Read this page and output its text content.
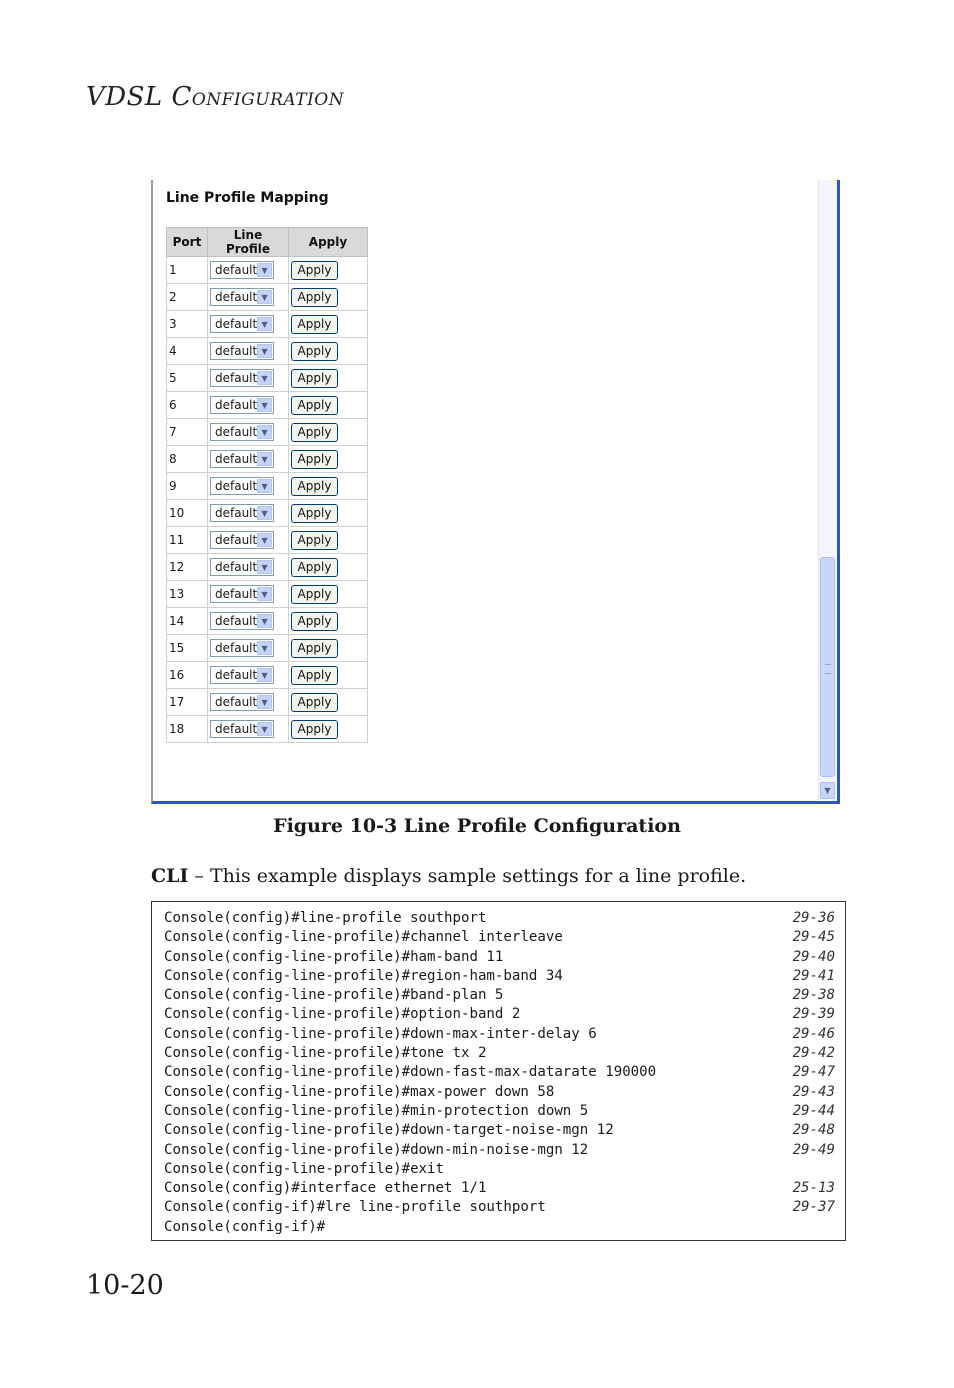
VDSL CONFIGURATION
Line Profile Mapping
Port	Line Profile	Apply
1	default ▼	Apply
2	default ▼	Apply
3	default ▼	Apply
4	default ▼	Apply
5	default ▼	Apply
6	default ▼	Apply
7	default ▼	Apply
8	default ▼	Apply
9	default ▼	Apply
10	default ▼	Apply
11	default ▼	Apply
12	default ▼	Apply
13	default ▼	Apply
14	default ▼	Apply
15	default ▼	Apply
16	default ▼	Apply
17	default ▼	Apply
18	default ▼	Apply
▼
Figure 10-3 Line Profile Configuration
CLI – This example displays sample settings for a line profile.
Console(config)#line-profile southport	29-36
Console(config-line-profile)#channel interleave	29-45
Console(config-line-profile)#ham-band 11	29-40
Console(config-line-profile)#region-ham-band 34	29-41
Console(config-line-profile)#band-plan 5	29-38
Console(config-line-profile)#option-band 2	29-39
Console(config-line-profile)#down-max-inter-delay 6	29-46
Console(config-line-profile)#tone tx 2	29-42
Console(config-line-profile)#down-fast-max-datarate 190000	29-47
Console(config-line-profile)#max-power down 58	29-43
Console(config-line-profile)#min-protection down 5	29-44
Console(config-line-profile)#down-target-noise-mgn 12	29-48
Console(config-line-profile)#down-min-noise-mgn 12	29-49
Console(config-line-profile)#exit
Console(config)#interface ethernet 1/1	25-13
Console(config-if)#lre line-profile southport	29-37
Console(config-if)#
10-20
